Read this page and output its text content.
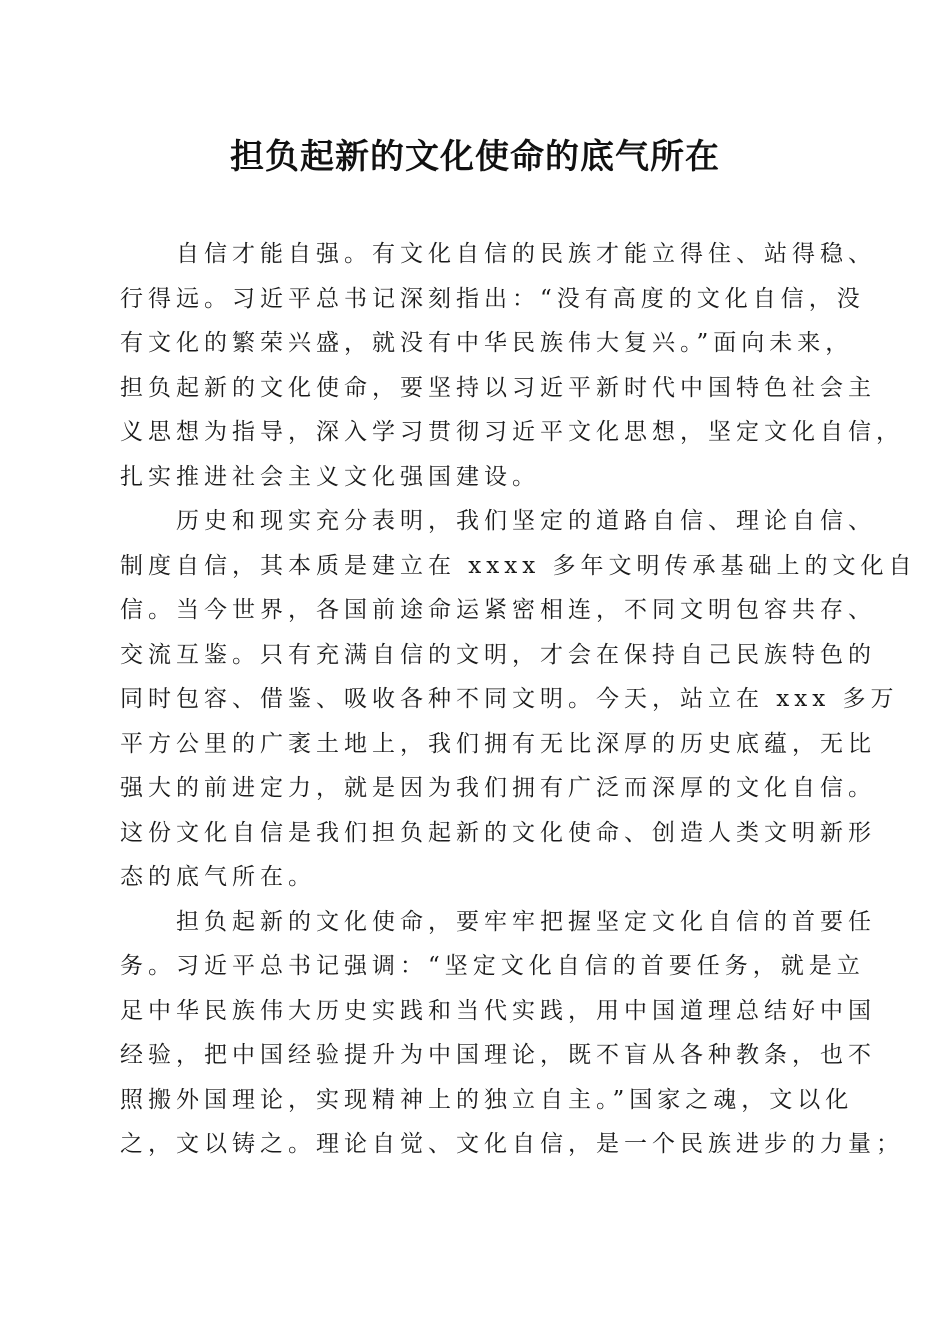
担负起新的文化使命的底气所在

自信才能自强。有文化自信的民族才能立得住、站得稳、
行得远。习近平总书记深刻指出：“没有高度的文化自信，没
有文化的繁荣兴盛，就没有中华民族伟大复兴。”面向未来，
担负起新的文化使命，要坚持以习近平新时代中国特色社会主
义思想为指导，深入学习贯彻习近平文化思想，坚定文化自信，
扎实推进社会主义文化强国建设。

历史和现实充分表明，我们坚定的道路自信、理论自信、
制度自信，其本质是建立在 xxxx 多年文明传承基础上的文化自
信。当今世界，各国前途命运紧密相连，不同文明包容共存、
交流互鉴。只有充满自信的文明，才会在保持自己民族特色的
同时包容、借鉴、吸收各种不同文明。今天，站立在 xxx 多万
平方公里的广袤土地上，我们拥有无比深厚的历史底蕴，无比
强大的前进定力，就是因为我们拥有广泛而深厚的文化自信。
这份文化自信是我们担负起新的文化使命、创造人类文明新形
态的底气所在。

担负起新的文化使命，要牢牢把握坚定文化自信的首要任
务。习近平总书记强调：“坚定文化自信的首要任务，就是立
足中华民族伟大历史实践和当代实践，用中国道理总结好中国
经验，把中国经验提升为中国理论，既不盲从各种教条，也不
照搬外国理论，实现精神上的独立自主。”国家之魂，文以化
之，文以铸之。理论自觉、文化自信，是一个民族进步的力量；
